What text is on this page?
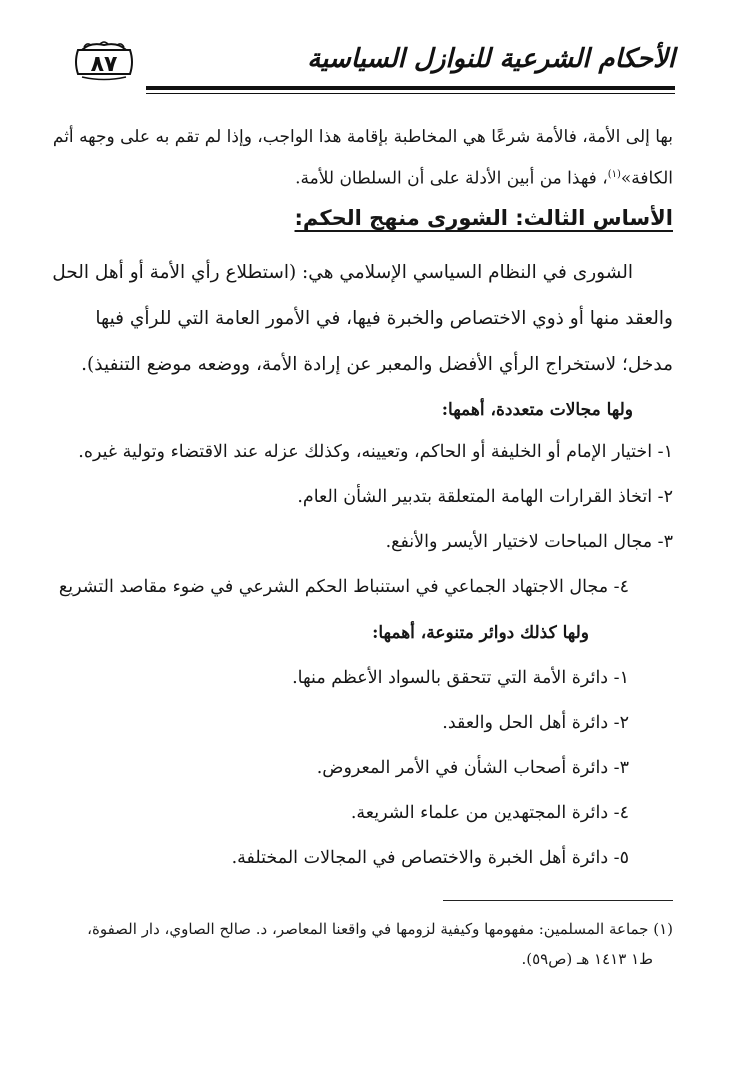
الأحكام الشرعية للنوازل السياسية
٨٧
بها إلى الأمة، فالأمة شرعًا هي المخاطبة بإقامة هذا الواجب، وإذا لم تقم به على وجهه أثم
الكافة»$^{(١)}$، فهذا من أبين الأدلة على أن السلطان للأمة.
الأساس الثالث: الشورى منهج الحكم:
الشورى في النظام السياسي الإسلامي هي: (استطلاع رأي الأمة أو أهل الحل
والعقد منها أو ذوي الاختصاص والخبرة فيها، في الأمور العامة التي للرأي فيها
مدخل؛ لاستخراج الرأي الأفضل والمعبر عن إرادة الأمة، ووضعه موضع التنفيذ).
ولها مجالات متعددة، أهمها:
١- اختيار الإمام أو الخليفة أو الحاكم، وتعيينه، وكذلك عزله عند الاقتضاء وتولية غيره.
٢- اتخاذ القرارات الهامة المتعلقة بتدبير الشأن العام.
٣- مجال المباحات لاختيار الأيسر والأنفع.
٤- مجال الاجتهاد الجماعي في استنباط الحكم الشرعي في ضوء مقاصد التشريع
ولها كذلك دوائر متنوعة، أهمها:
١- دائرة الأمة التي تتحقق بالسواد الأعظم منها.
٢- دائرة أهل الحل والعقد.
٣- دائرة أصحاب الشأن في الأمر المعروض.
٤- دائرة المجتهدين من علماء الشريعة.
٥- دائرة أهل الخبرة والاختصاص في المجالات المختلفة.
(١) جماعة المسلمين: مفهومها وكيفية لزومها في واقعنا المعاصر، د. صالح الصاوي، دار الصفوة،
ط١ ١٤١٣ هـ (ص٥٩).
